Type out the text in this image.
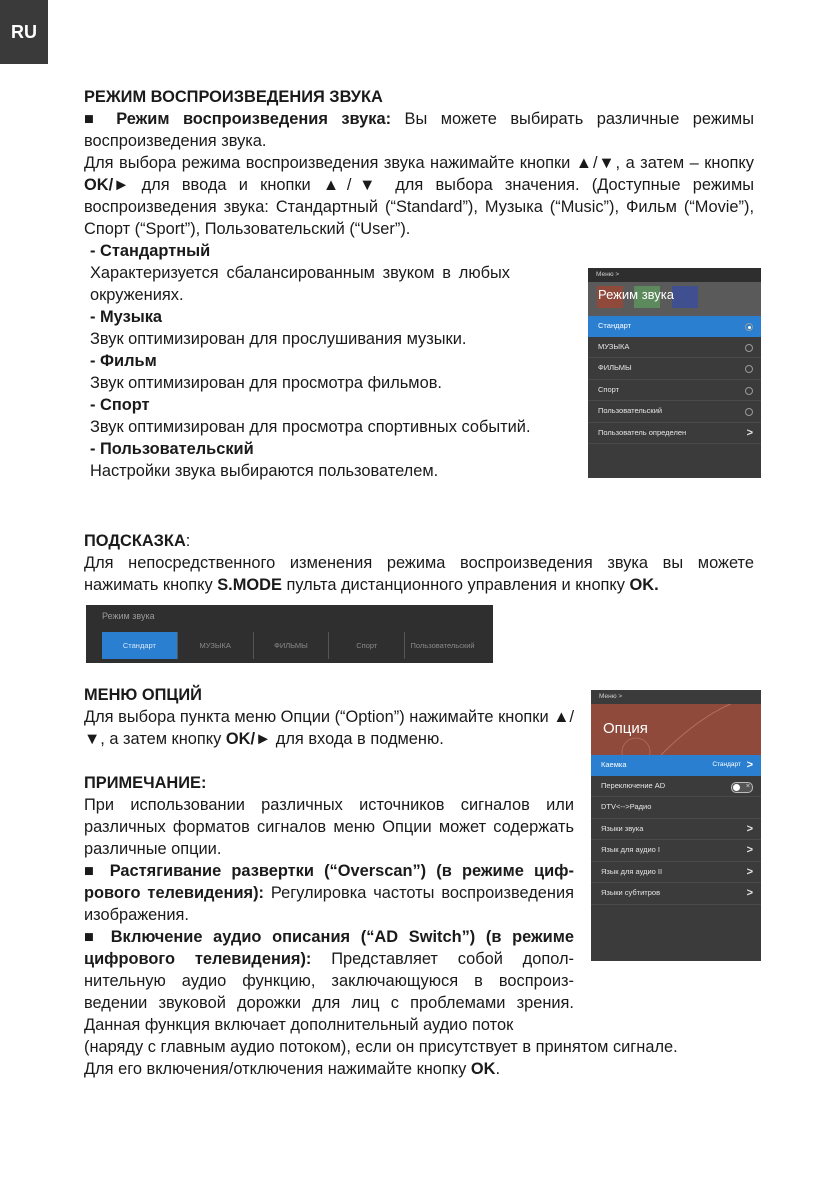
RU
РЕЖИМ ВОСПРОИЗВЕДЕНИЯ ЗВУКА

■ Режим воспроизведения звука: Вы можете выбирать различные режимы воспроизведения звука.

Для выбора режима воспроизведения звука нажимайте кнопки ▲/▼, а затем – кнопку OK/► для ввода и кнопки ▲/▼ для выбора значения. (Доступные режимы воспроизведения звука: Стандартный (“Standard”), Музыка (“Music”), Фильм (“Movie”), Спорт (“Sport”), Пользовательский (“User”).

- Стандартный

Характеризуется сбалансированным звуком в любых окружениях.

- Музыка

Звук оптимизирован для прослушивания музыки.

- Фильм

Звук оптимизирован для просмотра фильмов.

- Спорт

Звук оптимизирован для просмотра спортивных событий.

- Пользовательский

Настройки звука выбираются пользователем.

Меню >
Режим звука
Стандарт
МУЗЫКА
ФИЛЬМЫ
Спорт
Пользовательский
Пользователь определен	>
ПОДСКАЗКА:
Для непосредственного изменения режима воспроизведения звука вы можете нажимать кнопку S.MODE пульта дистанционного управления и кнопку OK.
Режим звука
Стандарт	МУЗЫКА	ФИЛЬМЫ	Спорт	Пользовательский
МЕНЮ ОПЦИЙ
Для выбора пункта меню Опции (“Option”) нажимайте кнопки ▲/▼, а затем кнопку OK/► для входа в подменю.
ПРИМЕЧАНИЕ:

При использовании различных источников сигналов или различных форматов сигналов меню Опции может содержать различные опции.

■ Растягивание развертки (“Overscan”) (в режиме цифрового телевидения): Регулировка частоты воспроизведения изображения.

■ Включение аудио описания (“AD Switch”) (в режиме цифрового телевидения): Представляет собой дополнительную аудио функцию, заключающуюся в воспроизведении звуковой дорожки для лиц с проблемами зрения. Данная функция включает дополнительный аудио поток

(наряду с главным аудио потоком), если он присутствует в принятом сигнале.

Для его включения/отключения нажимайте кнопку OK.

Меню >
Опция
Каемка	Стандарт >
Переключение AD
×
DTV<-->Радио
Языки звука	>
Язык для аудио I	>
Язык для аудио II	>
Языки субтитров	>
